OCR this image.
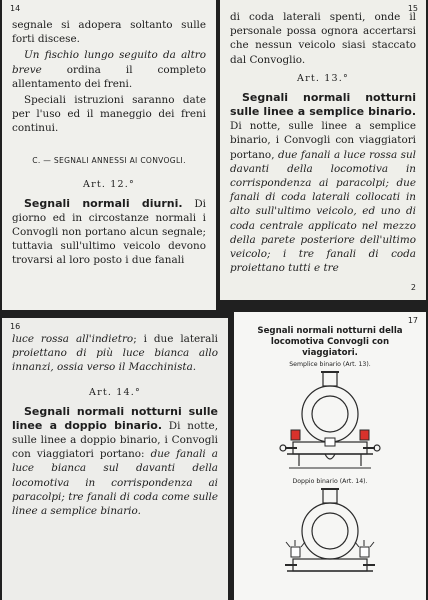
14

segnale si adopera soltanto sulle forti discese.

Un fischio lungo seguito da altro breve ordina il completo allentamento dei freni.

Speciali istruzioni saranno date per l'uso ed il maneggio dei freni continui.

C. — SEGNALI ANNESSI AI CONVOGLI.

Art. 12.°

Segnali normali diurni. Di giorno ed in circostanze normali i Convogli non portano alcun segnale; tuttavia sull'ultimo veicolo devono trovarsi al loro posto i due fanali

15

di coda laterali spenti, onde il personale possa ognora accertarsi che nessun veicolo siasi staccato dal Convoglio.

Art. 13.°

Segnali normali notturni sulle linee a semplice binario. Di notte, sulle linee a semplice binario, i Convogli con viaggiatori portano, due fanali a luce rossa sul davanti della locomotiva in corrispondenza ai paracolpi; due fanali di coda laterali collocati in alto sull'ultimo veicolo, ed uno di coda centrale applicato nel mezzo della parete posteriore dell'ultimo veicolo; i tre fanali di coda proiettano tutti e tre

2
16

luce rossa all'indietro; i due laterali proiettano di più luce bianca allo innanzi, ossia verso il Macchinista.

Art. 14.°

Segnali normali notturni sulle linee a doppio binario. Di notte, sulle linee a doppio binario, i Convogli con viaggiatori portano: due fanali a luce bianca sul davanti della locomotiva in corrispondenza ai paracolpi; tre fanali di coda come sulle linee a semplice binario.

17

Segnali normali notturni della locomotiva Convogli con viaggiatori.

Semplice binario (Art. 13).

Doppio binario (Art. 14).
